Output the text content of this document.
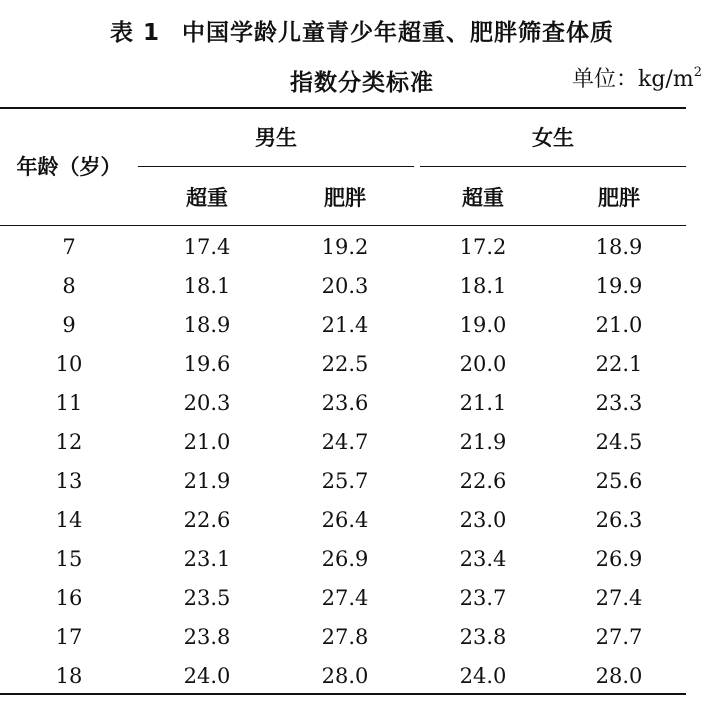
表 1 中国学龄儿童青少年超重、肥胖筛查体质
指数分类标准	单位：$kg/m^2$
年龄（岁）
男生	女生
超重	肥胖	超重	肥胖
7	17.4	19.2	17.2	18.9
8	18.1	20.3	18.1	19.9
9	18.9	21.4	19.0	21.0
10	19.6	22.5	20.0	22.1
11	20.3	23.6	21.1	23.3
12	21.0	24.7	21.9	24.5
13	21.9	25.7	22.6	25.6
14	22.6	26.4	23.0	26.3
15	23.1	26.9	23.4	26.9
16	23.5	27.4	23.7	27.4
17	23.8	27.8	23.8	27.7
18	24.0	28.0	24.0	28.0
